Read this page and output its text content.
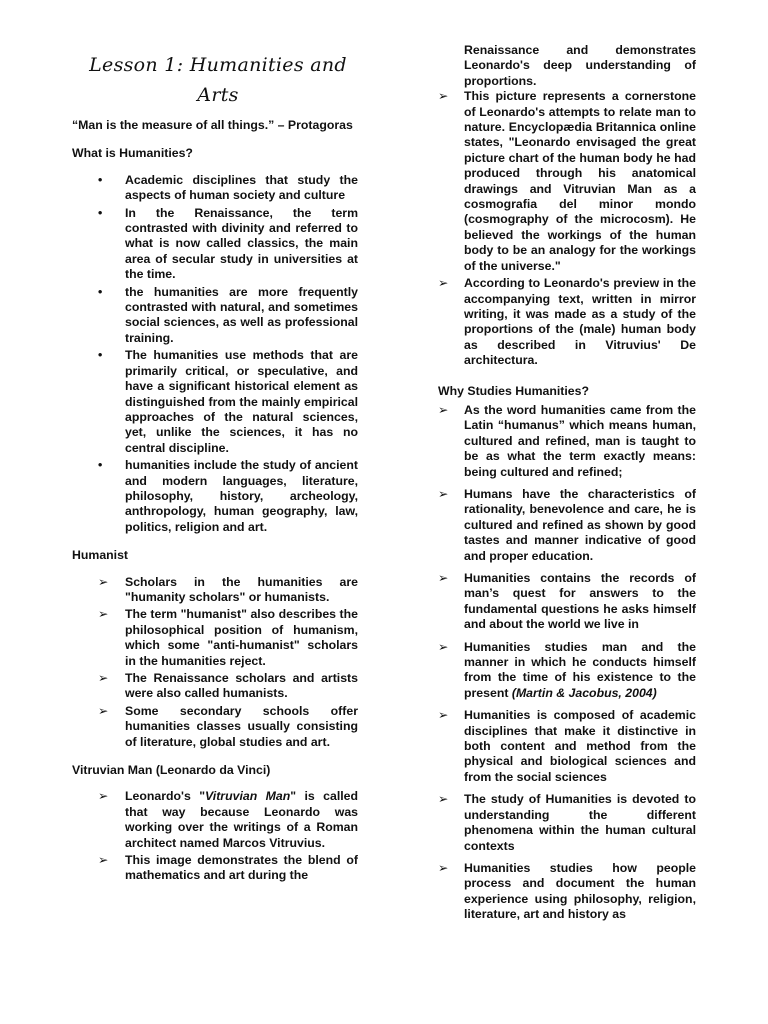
Lesson 1: Humanities and
Arts

“Man is the measure of all things.” – Protagoras

What is Humanities?

•	Academic disciplines that study the aspects of human society and culture
•	In the Renaissance, the term contrasted with divinity and referred to what is now called classics, the main area of secular study in universities at the time.
•	the humanities are more frequently contrasted with natural, and sometimes social sciences, as well as professional training.
•	The humanities use methods that are primarily critical, or speculative, and have a significant historical element as distinguished from the mainly empirical approaches of the natural sciences, yet, unlike the sciences, it has no central discipline.
•	humanities include the study of ancient and modern languages, literature, philosophy, history, archeology, anthropology, human geography, law, politics, religion and art.

Humanist

➢	Scholars in the humanities are "humanity scholars" or humanists.
➢	The term "humanist" also describes the philosophical position of humanism, which some "anti-humanist" scholars in the humanities reject.
➢	The Renaissance scholars and artists were also called humanists.
➢	Some secondary schools offer humanities classes usually consisting of literature, global studies and art.

Vitruvian Man (Leonardo da Vinci)

➢	Leonardo's "Vitruvian Man" is called that way because Leonardo was working over the writings of a Roman architect named Marcos Vitruvius.
➢	This image demonstrates the blend of mathematics and art during the

Renaissance and demonstrates Leonardo's deep understanding of proportions.

➢	This picture represents a cornerstone of Leonardo's attempts to relate man to nature. Encyclopædia Britannica online states, "Leonardo envisaged the great picture chart of the human body he had produced through his anatomical drawings and Vitruvian Man as a cosmografia del minor mondo (cosmography of the microcosm). He believed the workings of the human body to be an analogy for the workings of the universe."
➢	According to Leonardo's preview in the accompanying text, written in mirror writing, it was made as a study of the proportions of the (male) human body as described in Vitruvius' De architectura.

Why Studies Humanities?

➢	As the word humanities came from the Latin “humanus” which means human, cultured and refined, man is taught to be as what the term exactly means: being cultured and refined;
➢	Humans have the characteristics of rationality, benevolence and care, he is cultured and refined as shown by good tastes and manner indicative of good and proper education.
➢	Humanities contains the records of man’s quest for answers to the fundamental questions he asks himself and about the world we live in
➢	Humanities studies man and the manner in which he conducts himself from the time of his existence to the present (Martin & Jacobus, 2004)
➢	Humanities is composed of academic disciplines that make it distinctive in both content and method from the physical and biological sciences and from the social sciences
➢	The study of Humanities is devoted to understanding the different phenomena within the human cultural contexts
➢	Humanities studies how people process and document the human experience using philosophy, religion, literature, art and history as
